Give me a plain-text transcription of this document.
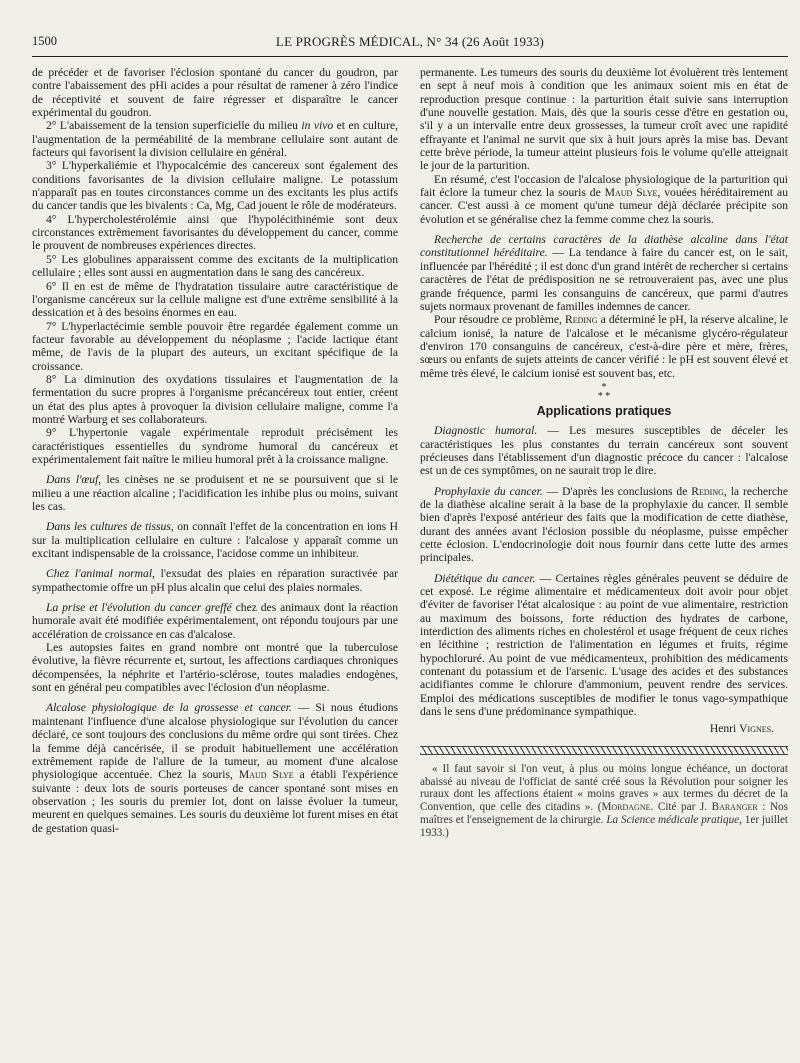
1500	LE PROGRÈS MÉDICAL, N° 34 (26 Août 1933)

de précéder et de favoriser l'éclosion spontané du cancer du goudron, par contre l'abaissement des pHi acides a pour résultat de ramener à zéro l'indice de réceptivité et souvent de faire régresser et disparaître le cancer expérimental du goudron.

2° L'abaissement de la tension superficielle du milieu in vivo et en culture, l'augmentation de la perméabilité de la membrane cellulaire sont autant de facteurs qui favorisent la division cellulaire en général.

3° L'hyperkaliémie et l'hypocalcémie des cancereux sont également des conditions favorisantes de la division cellulaire maligne. Le potassium n'apparaît pas en toutes circonstances comme un des excitants les plus actifs du cancer tandis que les bivalents : Ca, Mg, Cad jouent le rôle de modérateurs.

4° L'hypercholestérolémie ainsi que l'hypolécithinémie sont deux circonstances extrêmement favorisantes du développement du cancer, comme le prouvent de nombreuses expériences directes.

5° Les globulines apparaissent comme des excitants de la multiplication cellulaire ; elles sont aussi en augmentation dans le sang des cancéreux.

6° Il en est de même de l'hydratation tissulaire autre caractéristique de l'organisme cancéreux sur la cellule maligne est d'une extrême sensibilité à la dessication et à des besoins énormes en eau.

7° L'hyperlactécimie semble pouvoir être regardée également comme un facteur favorable au développement du néoplasme ; l'acide lactique étant même, de l'avis de la plupart des auteurs, un excitant spécifique de la croissance.

8° La diminution des oxydations tissulaires et l'augmentation de la fermentation du sucre propres à l'organisme précancéreux tout entier, créent un état des plus aptes à provoquer la division cellulaire maligne, comme l'a montré Warburg et ses collaborateurs.

9° L'hypertonie vagale expérimentale reproduit précisément les caractéristiques essentielles du syndrome humoral du cancéreux et expérimentalement fait naître le milieu humoral prêt à la croissance maligne.

Dans l'œuf, les cinèses ne se produisent et ne se poursuivent que si le milieu a une réaction alcaline ; l'acidification les inhibe plus ou moins, suivant les cas.

Dans les cultures de tissus, on connaît l'effet de la concentration en ions H sur la multiplication cellulaire en culture : l'alcalose y apparaît comme un excitant indispensable de la croissance, l'acidose comme un inhibiteur.

Chez l'animal normal, l'exsudat des plaies en réparation suractivée par sympathectomie offre un pH plus alcalin que celui des plaies normales.

La prise et l'évolution du cancer greffé chez des animaux dont la réaction humorale avait été modifiée expérimentalement, ont répondu toujours par une accélération de croissance en cas d'alcalose.

Les autopsies faites en grand nombre ont montré que la tuberculose évolutive, la fièvre récurrente et, surtout, les affections cardiaques chroniques décompensées, la néphrite et l'artério-sclérose, toutes maladies endogènes, sont en général peu compatibles avec l'éclosion d'un néoplasme.

Alcalose physiologique de la grossesse et cancer. — Si nous étudions maintenant l'influence d'une alcalose physiologique sur l'évolution du cancer déclaré, ce sont toujours des conclusions du même ordre qui sont tirées. Chez la femme déjà cancérisée, il se produit habituellement une accélération extrêmement rapide de l'allure de la tumeur, au moment d'une alcalose physiologique accentuée. Chez la souris, Maud Slye a établi l'expérience suivante : deux lots de souris porteuses de cancer spontané sont mises en observation ; les souris du premier lot, dont on laisse évoluer la tumeur, meurent en quelques semaines. Les souris du deuxième lot furent mises en état de gestation quasi-

permanente. Les tumeurs des souris du deuxième lot évoluèrent très lentement en sept à neuf mois à condition que les animaux soient mis en état de reproduction presque continue : la parturition était suivie sans interruption d'une nouvelle gestation. Mais, dès que la souris cesse d'être en gestation ou, s'il y a un intervalle entre deux grossesses, la tumeur croît avec une rapidité effrayante et l'animal ne survit que six à huit jours après la mise bas. Devant cette brève période, la tumeur atteint plusieurs fois le volume qu'elle atteignait le jour de la parturition.

En résumé, c'est l'occasion de l'alcalose physiologique de la parturition qui fait éclore la tumeur chez la souris de Maud Slye, vouées héréditairement au cancer. C'est aussi à ce moment qu'une tumeur déjà déclarée précipite son évolution et se généralise chez la femme comme chez la souris.

Recherche de certains caractères de la diathèse alcaline dans l'état constitutionnel héréditaire. — La tendance à faire du cancer est, on le sait, influencée par l'hérédité ; il est donc d'un grand intérêt de rechercher si certains caractères de l'état de prédisposition ne se retrouveraient pas, avec une plus grande fréquence, parmi les consanguins de cancéreux, que parmi d'autres sujets normaux provenant de familles indemnes de cancer.

Pour résoudre ce problème, Reding a déterminé le pH, la réserve alcaline, le calcium ionisé, la nature de l'alcalose et le mécanisme glycéro-régulateur d'environ 170 consanguins de cancéreux, c'est-à-dire père et mère, frères, sœurs ou enfants de sujets atteints de cancer vérifié : le pH est souvent élevé et même très élevé, le calcium ionisé est souvent bas, etc.

*
* *
Applications pratiques

Diagnostic humoral. — Les mesures susceptibles de déceler les caractéristiques les plus constantes du terrain cancéreux sont souvent précieuses dans l'établissement d'un diagnostic précoce du cancer : l'alcalose est un de ces symptômes, on ne saurait trop le dire.

Prophylaxie du cancer. — D'après les conclusions de Reding, la recherche de la diathèse alcaline serait à la base de la prophylaxie du cancer. Il semble bien d'après l'exposé antérieur des faits que la modification de cette diathèse, durant des années avant l'éclosion possible du néoplasme, puisse empêcher cette éclosion. L'endocrinologie doit nous fournir dans cette lutte des armes principales.

Diététique du cancer. — Certaines règles générales peuvent se déduire de cet exposé. Le régime alimentaire et médicamenteux doit avoir pour objet d'éviter de favoriser l'état alcalosique : au point de vue alimentaire, restriction au maximum des boissons, forte réduction des hydrates de carbone, interdiction des aliments riches en cholestérol et usage fréquent de ceux riches en lécithine ; restriction de l'alimentation en légumes et fruits, régime hypochloruré. Au point de vue médicamenteux, prohibition des médicaments contenant du potassium et de l'arsenic. L'usage des acides et des substances acidifiantes comme le chlorure d'ammonium, peuvent rendre des services. Emploi des médications susceptibles de modifier le tonus vago-sympathique dans le sens d'une prédominance sympathique.

Henri Vignes.

« Il faut savoir si l'on veut, à plus ou moins longue échéance, un doctorat abaissé au niveau de l'officiat de santé créé sous la Révolution pour soigner les ruraux dont les affections étaient « moins graves » aux termes du décret de la Convention, que celle des citadins ». (Mordagne. Cité par J. Baranger : Nos maîtres et l'enseignement de la chirurgie. La Science médicale pratique, 1er juillet 1933.)
